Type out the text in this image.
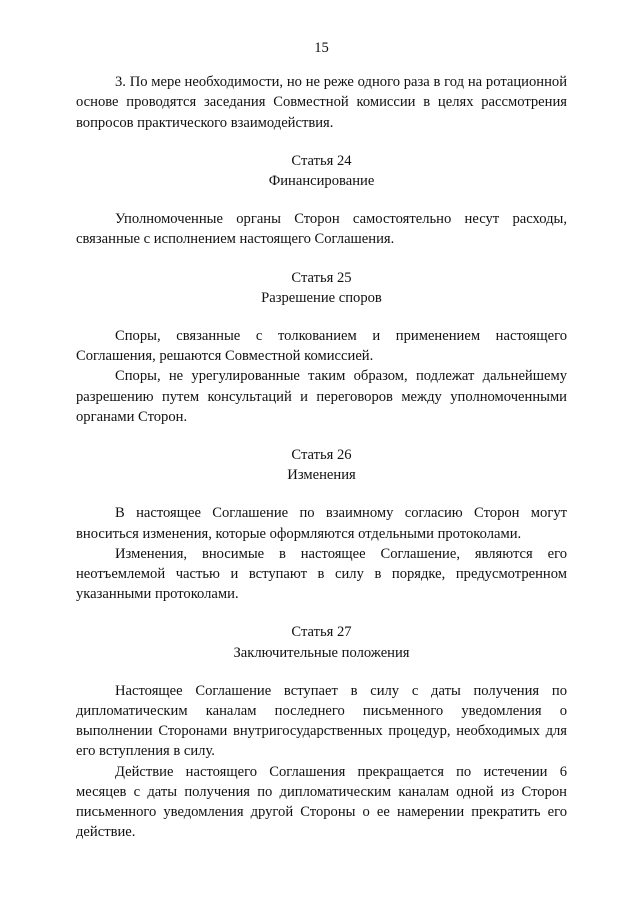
15

3. По мере необходимости, но не реже одного раза в год на ротационной основе проводятся заседания Совместной комиссии в целях рассмотрения вопросов практического взаимодействия.

Статья 24
Финансирование

Уполномоченные органы Сторон самостоятельно несут расходы, связанные с исполнением настоящего Соглашения.

Статья 25
Разрешение споров

Споры, связанные с толкованием и применением настоящего Соглашения, решаются Совместной комиссией.

Споры, не урегулированные таким образом, подлежат дальнейшему разрешению путем консультаций и переговоров между уполномоченными органами Сторон.

Статья 26
Изменения

В настоящее Соглашение по взаимному согласию Сторон могут вноситься изменения, которые оформляются отдельными протоколами.

Изменения, вносимые в настоящее Соглашение, являются его неотъемлемой частью и вступают в силу в порядке, предусмотренном указанными протоколами.

Статья 27
Заключительные положения

Настоящее Соглашение вступает в силу с даты получения по дипломатическим каналам последнего письменного уведомления о выполнении Сторонами внутригосударственных процедур, необходимых для его вступления в силу.

Действие настоящего Соглашения прекращается по истечении 6 месяцев с даты получения по дипломатическим каналам одной из Сторон письменного уведомления другой Стороны о ее намерении прекратить его действие.
